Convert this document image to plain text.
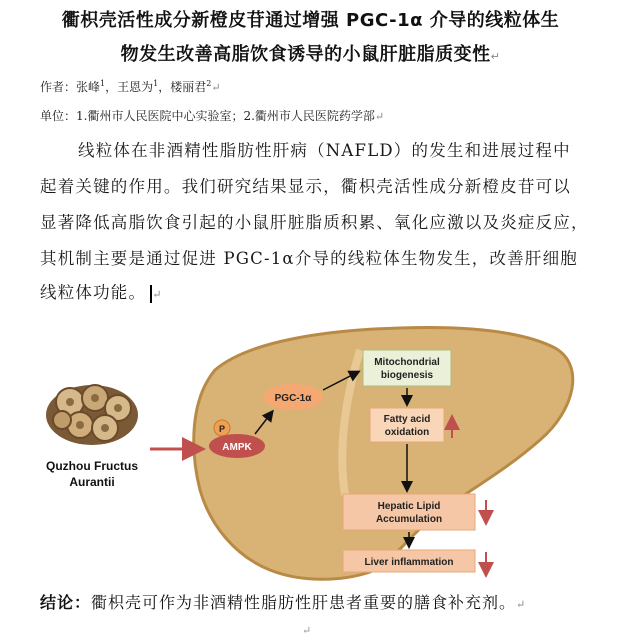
衢枳壳活性成分新橙皮苷通过增强 PGC-1α 介导的线粒体生
物发生改善高脂饮食诱导的小鼠肝脏脂质变性↵
作者：张峰$^1$，王恩为$^1$，楼丽君$^2$↵
单位：1.衢州市人民医院中心实验室；2.衢州市人民医院药学部↵
线粒体在非酒精性脂肪性肝病（NAFLD）的发生和进展过程中
起着关键的作用。我们研究结果显示，衢枳壳活性成分新橙皮苷可以
显著降低高脂饮食引起的小鼠肝脏脂质积累、氧化应激以及炎症反应，
其机制主要是通过促进 PGC-1α介导的线粒体生物发生，改善肝细胞
线粒体功能。 ↵
Quzhou Fructus
Aurantii
P
AMPK
PGC-1α
Mitochondrial
biogenesis
Fatty acid
oxidation
Hepatic Lipid
Accumulation
Liver inflammation
结论：衢枳壳可作为非酒精性脂肪性肝患者重要的膳食补充剂。↵
↵
